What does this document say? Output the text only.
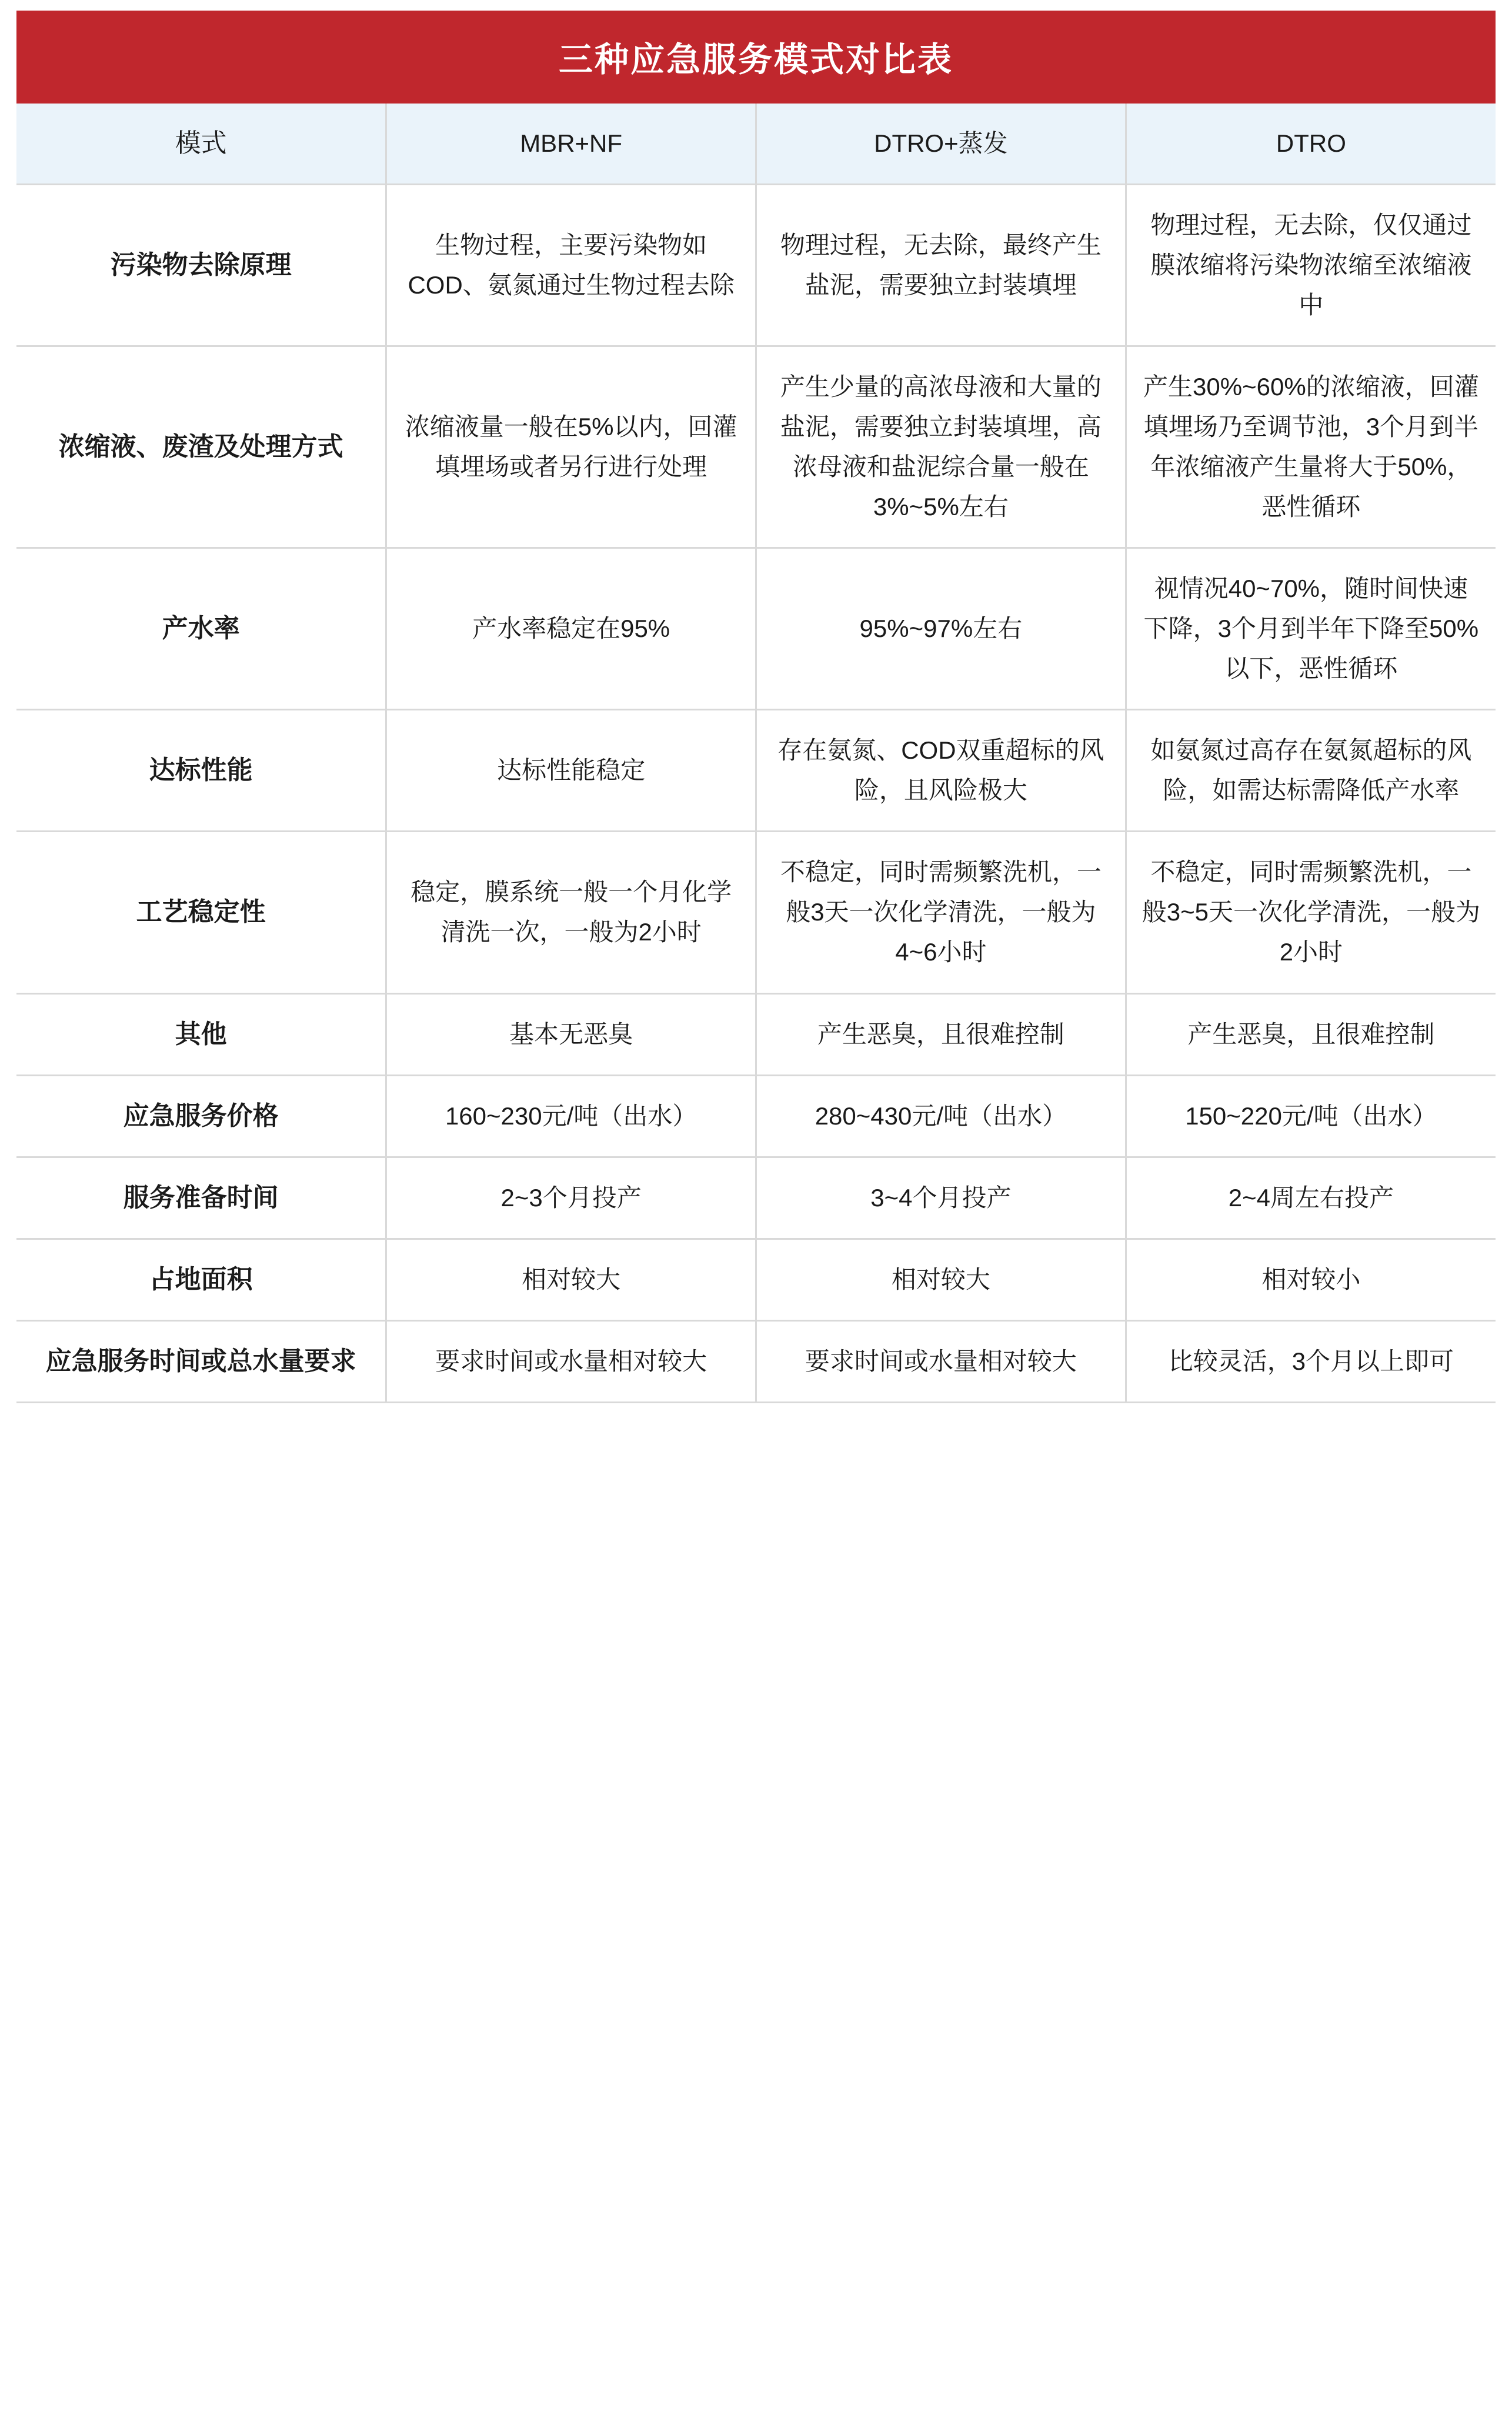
三种应急服务模式对比表			
模式	MBR+NF	DTRO+蒸发	DTRO
污染物去除原理	生物过程，主要污染物如COD、氨氮通过生物过程去除	物理过程，无去除，最终产生盐泥，需要独立封装填埋	物理过程，无去除，仅仅通过膜浓缩将污染物浓缩至浓缩液中
浓缩液、废渣及处理方式	浓缩液量一般在5%以内，回灌填埋场或者另行进行处理	产生少量的高浓母液和大量的盐泥，需要独立封装填埋，高浓母液和盐泥综合量一般在3%~5%左右	产生30%~60%的浓缩液，回灌填埋场乃至调节池，3个月到半年浓缩液产生量将大于50%，恶性循环
产水率	产水率稳定在95%	95%~97%左右	视情况40~70%，随时间快速下降，3个月到半年下降至50%以下，恶性循环
达标性能	达标性能稳定	存在氨氮、COD双重超标的风险，且风险极大	如氨氮过高存在氨氮超标的风险，如需达标需降低产水率
工艺稳定性	稳定，膜系统一般一个月化学清洗一次，一般为2小时	不稳定，同时需频繁洗机，一般3天一次化学清洗，一般为4~6小时	不稳定，同时需频繁洗机，一般3~5天一次化学清洗，一般为2小时
其他	基本无恶臭	产生恶臭，且很难控制	产生恶臭，且很难控制
应急服务价格	160~230元/吨（出水）	280~430元/吨（出水）	150~220元/吨（出水）
服务准备时间	2~3个月投产	3~4个月投产	2~4周左右投产
占地面积	相对较大	相对较大	相对较小
应急服务时间或总水量要求	要求时间或水量相对较大	要求时间或水量相对较大	比较灵活，3个月以上即可
